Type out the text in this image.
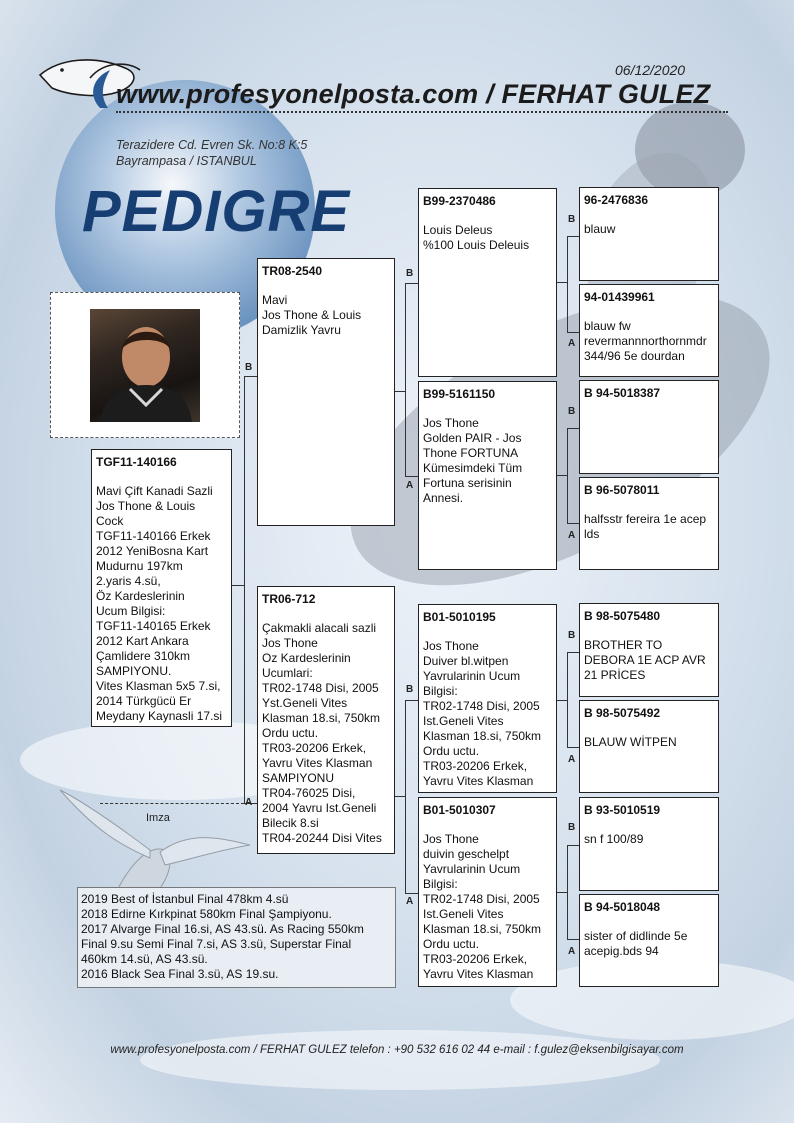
06/12/2020
www.profesyonelposta.com / FERHAT GULEZ
Terazidere Cd. Evren Sk. No:8 K:5
Bayrampasa / ISTANBUL
PEDIGRE
B
A
B
A
B
A
B
A
B
A
B
A
B
A
TGF11-140166
Mavi Çift Kanadi Sazli
Jos Thone & Louis
Cock
TGF11-140166 Erkek
2012 YeniBosna Kart
Mudurnu 197km
2.yaris 4.sü,
Öz Kardeslerinin
Ucum Bilgisi:
TGF11-140165 Erkek
2012 Kart Ankara
Çamlidere 310km
SAMPIYONU.
Vites Klasman 5x5 7.si,
2014 Türkgücü Er
Meydany Kaynasli 17.si
TR08-2540
Mavi
Jos Thone & Louis
Damizlik Yavru
TR06-712
Çakmakli alacali sazli
Jos Thone
Oz Kardeslerinin
Ucumlari:
TR02-1748 Disi, 2005
Yst.Geneli Vites
Klasman 18.si, 750km
Ordu uctu.
TR03-20206 Erkek,
Yavru Vites Klasman
SAMPIYONU
TR04-76025 Disi,
2004 Yavru Ist.Geneli
Bilecik 8.si
TR04-20244 Disi Vites
B99-2370486
Louis Deleus
%100 Louis Deleuis
B99-5161150
Jos Thone
Golden PAIR - Jos
Thone FORTUNA
Kümesimdeki Tüm
Fortuna serisinin
Annesi.
B01-5010195
Jos Thone
Duiver bl.witpen
Yavrularinin Ucum
Bilgisi:
TR02-1748 Disi, 2005
Ist.Geneli Vites
Klasman 18.si, 750km
Ordu uctu.
TR03-20206 Erkek,
Yavru Vites Klasman
B01-5010307
Jos Thone
duivin geschelpt
Yavrularinin Ucum
Bilgisi:
TR02-1748 Disi, 2005
Ist.Geneli Vites
Klasman 18.si, 750km
Ordu uctu.
TR03-20206 Erkek,
Yavru Vites Klasman
96-2476836
blauw
94-01439961
blauw fw
revermannnorthornmdr
344/96 5e dourdan
B 94-5018387
B 96-5078011
halfsstr fereira 1e acep
lds
B 98-5075480
BROTHER TO
DEBORA 1E ACP AVR
21 PRİCES
B 98-5075492
BLAUW WİTPEN
B 93-5010519
sn f 100/89
B 94-5018048
sister of didlinde 5e
acepig.bds 94
Imza
2019 Best of İstanbul Final 478km 4.sü
2018 Edirne Kırkpinat 580km Final Şampiyonu.
2017 Alvarge Final 16.si, AS 43.sü. As Racing 550km
Final 9.su Semi Final 7.si, AS 3.sü, Superstar Final
460km 14.sü, AS 43.sü.
2016 Black Sea Final 3.sü, AS 19.su.
www.profesyonelposta.com / FERHAT GULEZ telefon : +90 532 616 02 44 e-mail : f.gulez@eksenbilgisayar.com
